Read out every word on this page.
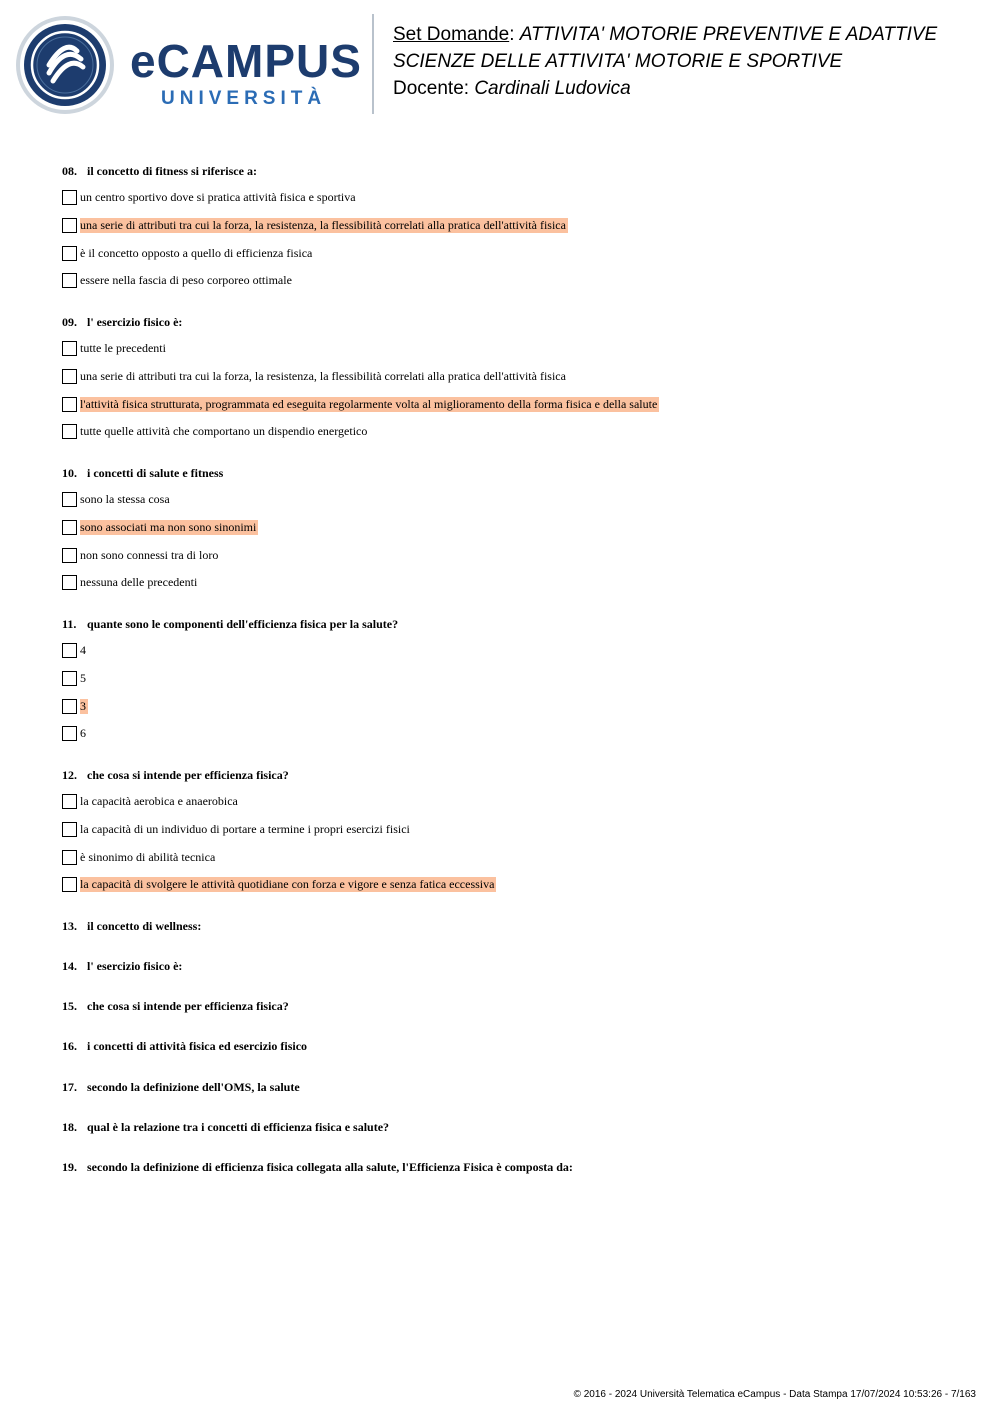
eCAMPUS
UNIVERSITÀ
Set Domande: ATTIVITA' MOTORIE PREVENTIVE E ADATTIVE
SCIENZE DELLE ATTIVITA' MOTORIE E SPORTIVE
Docente: Cardinali Ludovica
08. il concetto di fitness si riferisce a:
un centro sportivo dove si pratica attività fisica e sportiva
una serie di attributi tra cui la forza, la resistenza, la flessibilità correlati alla pratica dell'attività fisica
è il concetto opposto a quello di efficienza fisica
essere nella fascia di peso corporeo ottimale
09. l' esercizio fisico è:
tutte le precedenti
una serie di attributi tra cui la forza, la resistenza, la flessibilità correlati alla pratica dell'attività fisica
l'attività fisica strutturata, programmata ed eseguita regolarmente volta al miglioramento della forma fisica e della salute
tutte quelle attività che comportano un dispendio energetico
10. i concetti di salute e fitness
sono la stessa cosa
sono associati ma non sono sinonimi
non sono connessi tra di loro
nessuna delle precedenti
11. quante sono le componenti dell'efficienza fisica per la salute?
4
5
3
6
12. che cosa si intende per efficienza fisica?
la capacità aerobica e anaerobica
la capacità di un individuo di portare a termine i propri esercizi fisici
è sinonimo di abilità tecnica
la capacità di svolgere le attività quotidiane con forza e vigore e senza fatica eccessiva
13. il concetto di wellness:
14. l' esercizio fisico è:
15. che cosa si intende per efficienza fisica?
16. i concetti di attività fisica ed esercizio fisico
17. secondo la definizione dell'OMS, la salute
18. qual è la relazione tra i concetti di efficienza fisica e salute?
19. secondo la definizione di efficienza fisica collegata alla salute, l'Efficienza Fisica è composta da:
© 2016 - 2024 Università Telematica eCampus - Data Stampa 17/07/2024 10:53:26 - 7/163
